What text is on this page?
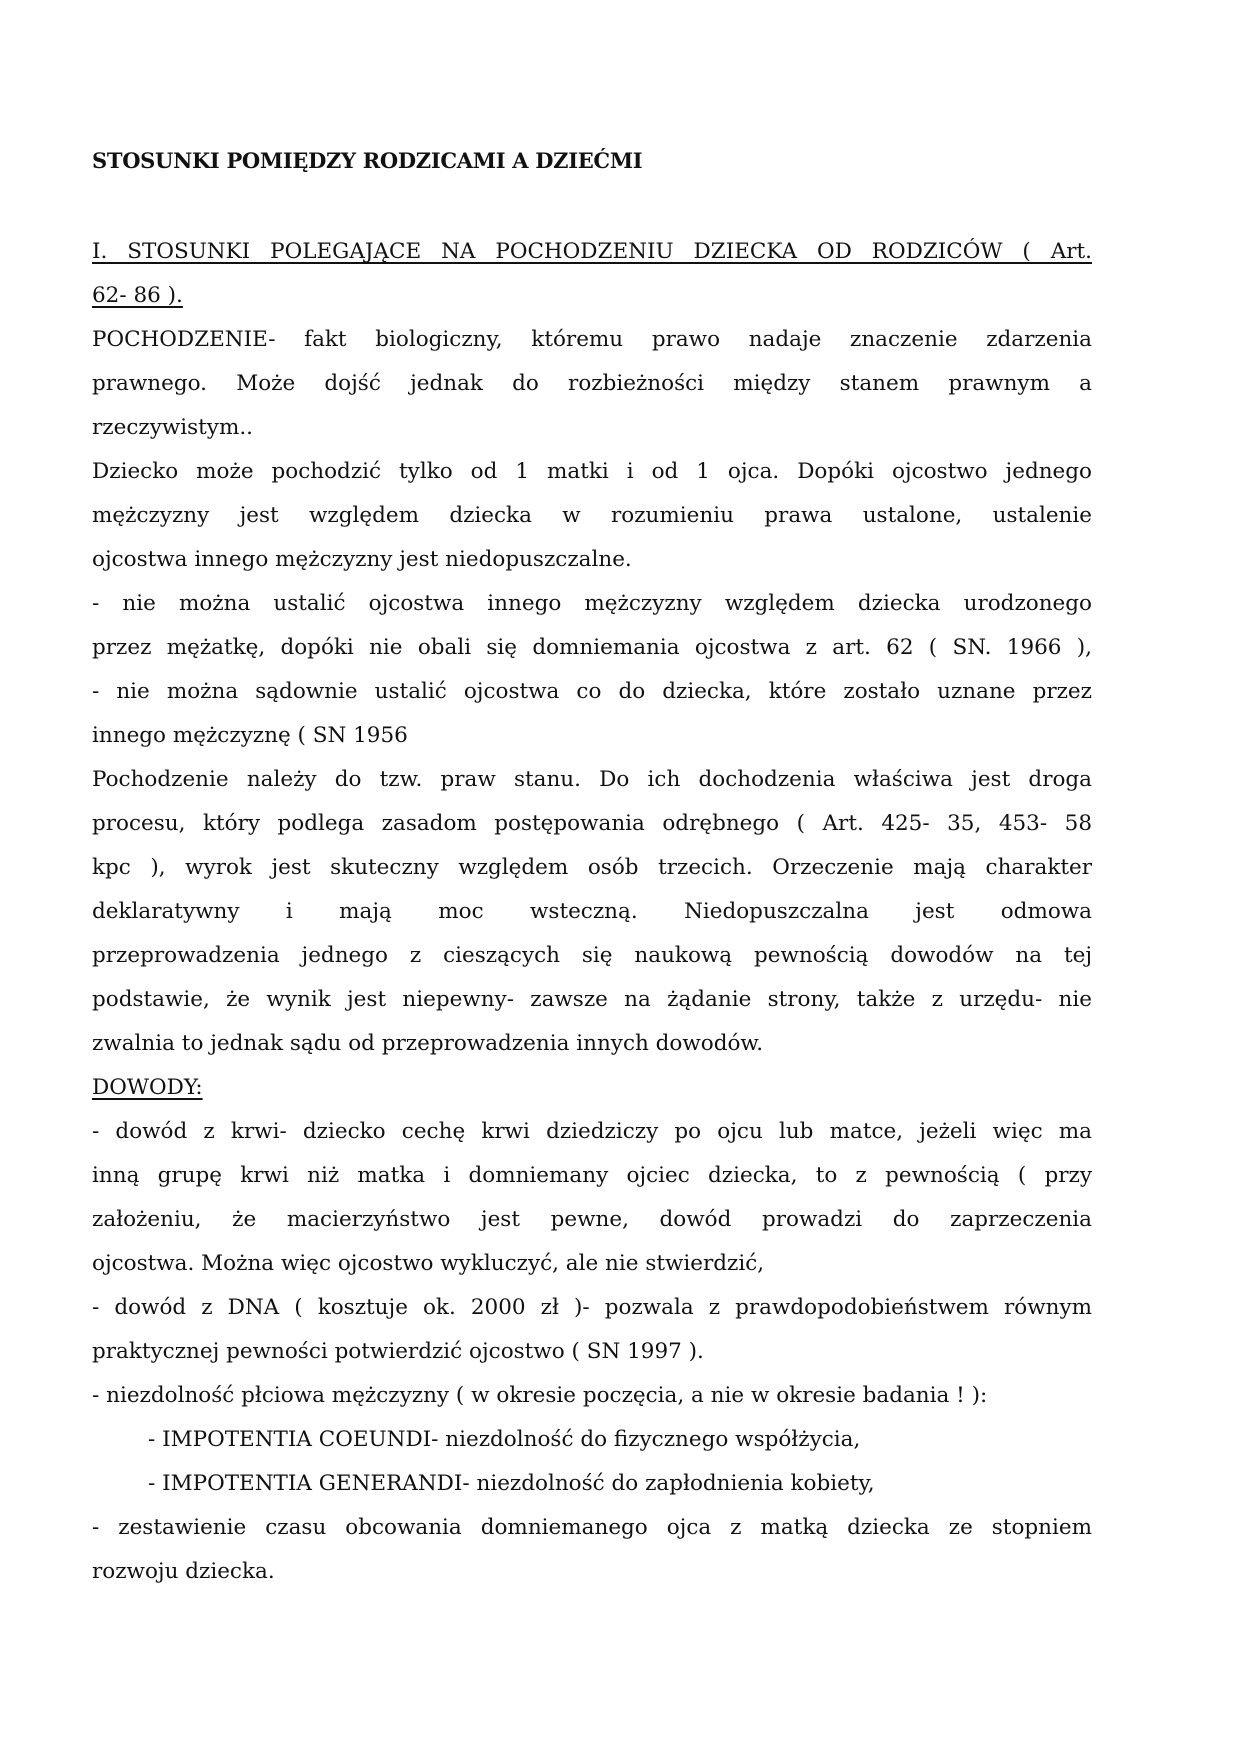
STOSUNKI POMIĘDZY RODZICAMI A DZIEĆMI
I. STOSUNKI POLEGAJĄCE NA POCHODZENIU DZIECKA OD RODZICÓW ( Art.
62- 86 ).
POCHODZENIE- fakt biologiczny, któremu prawo nadaje znaczenie zdarzenia
prawnego. Może dojść jednak do rozbieżności między stanem prawnym a
rzeczywistym..
Dziecko może pochodzić tylko od 1 matki i od 1 ojca. Dopóki ojcostwo jednego
mężczyzny jest względem dziecka w rozumieniu prawa ustalone, ustalenie
ojcostwa innego mężczyzny jest niedopuszczalne.
- nie można ustalić ojcostwa innego mężczyzny względem dziecka urodzonego
przez mężatkę, dopóki nie obali się domniemania ojcostwa z art. 62 ( SN. 1966 ),
- nie można sądownie ustalić ojcostwa co do dziecka, które zostało uznane przez
innego mężczyznę ( SN 1956
Pochodzenie należy do tzw. praw stanu. Do ich dochodzenia właściwa jest droga
procesu, który podlega zasadom postępowania odrębnego ( Art. 425- 35, 453- 58
kpc ), wyrok jest skuteczny względem osób trzecich. Orzeczenie mają charakter
deklaratywny i mają moc wsteczną. Niedopuszczalna jest odmowa
przeprowadzenia jednego z cieszących się naukową pewnością dowodów na tej
podstawie, że wynik jest niepewny- zawsze na żądanie strony, także z urzędu- nie
zwalnia to jednak sądu od przeprowadzenia innych dowodów.
DOWODY:
- dowód z krwi- dziecko cechę krwi dziedziczy po ojcu lub matce, jeżeli więc ma
inną grupę krwi niż matka i domniemany ojciec dziecka, to z pewnością ( przy
założeniu, że macierzyństwo jest pewne, dowód prowadzi do zaprzeczenia
ojcostwa. Można więc ojcostwo wykluczyć, ale nie stwierdzić,
- dowód z DNA ( kosztuje ok. 2000 zł )- pozwala z prawdopodobieństwem równym
praktycznej pewności potwierdzić ojcostwo ( SN 1997 ).
- niezdolność płciowa mężczyzny ( w okresie poczęcia, a nie w okresie badania ! ):
- IMPOTENTIA COEUNDI- niezdolność do fizycznego współżycia,
- IMPOTENTIA GENERANDI- niezdolność do zapłodnienia kobiety,
- zestawienie czasu obcowania domniemanego ojca z matką dziecka ze stopniem
rozwoju dziecka.
